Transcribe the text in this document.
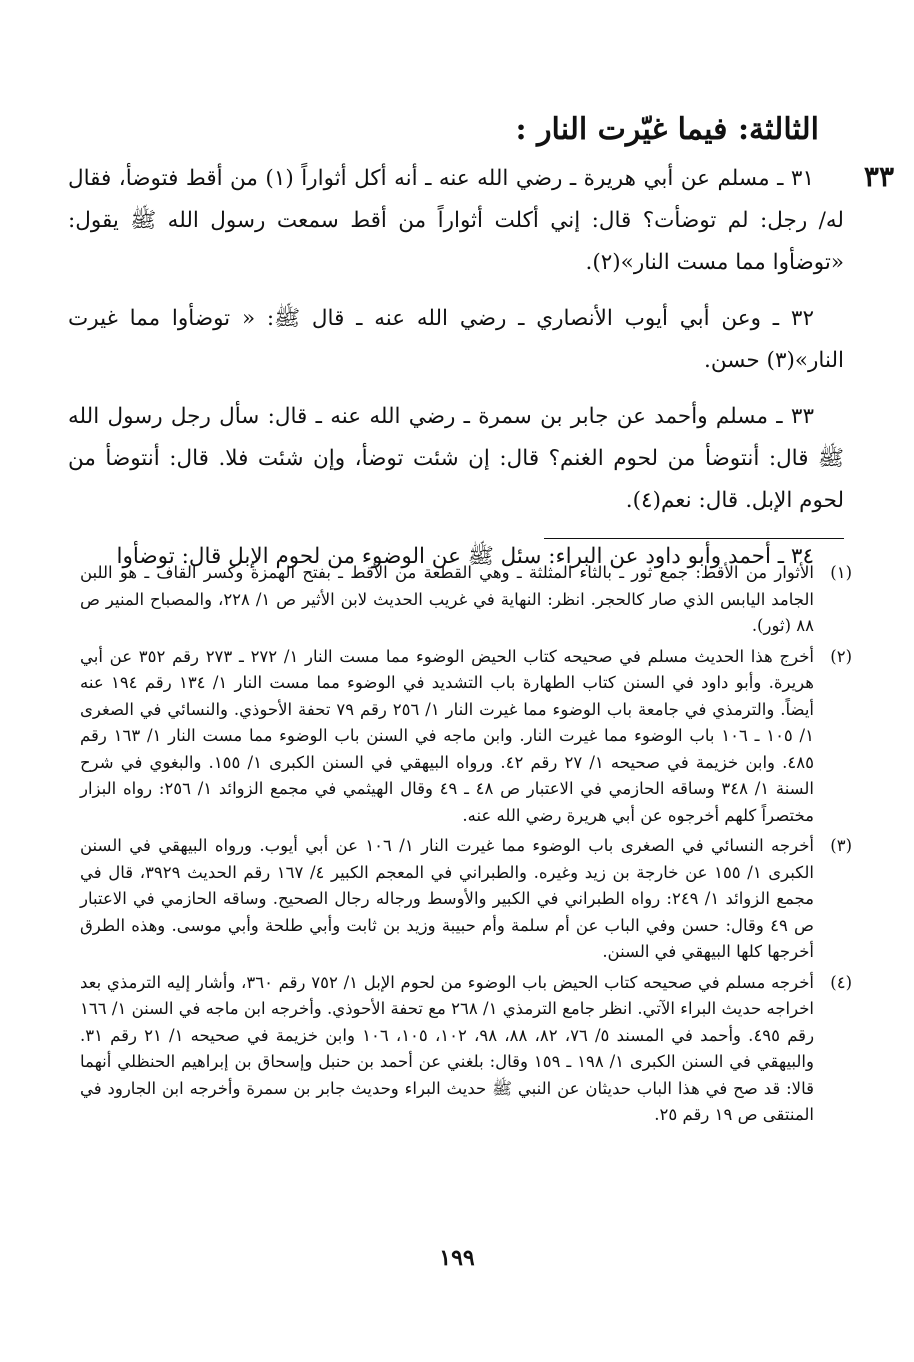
٣٣
الثالثة: فيما غيّرت النار :

٣١ ـ مسلم عن أبي هريرة ـ رضي الله عنه ـ أنه أكل أثواراً (١) من أقط فتوضأ، فقال له/ رجل: لم توضأت؟ قال: إني أكلت أثواراً من أقط سمعت رسول الله ﷺ يقول: «توضأوا مما مست النار»(٢).

٣٢ ـ وعن أبي أيوب الأنصاري ـ رضي الله عنه ـ قال ﷺ: « توضأوا مما غيرت النار»(٣) حسن.

٣٣ ـ مسلم وأحمد عن جابر بن سمرة ـ رضي الله عنه ـ قال: سأل رجل رسول الله ﷺ قال: أنتوضأ من لحوم الغنم؟ قال: إن شئت توضأ، وإن شئت فلا. قال: أنتوضأ من لحوم الإبل. قال: نعم(٤).

٣٤ ـ أحمد وأبو داود عن البراء: سئل ﷺ عن الوضوء من لحوم الإبل قال: توضأوا

(١)
الأثوار من الأقط: جمع ثور ـ بالثاء المثلثة ـ وهي القطعة من الأقط ـ بفتح الهمزة وكسر القاف ـ هو اللبن الجامد اليابس الذي صار كالحجر. انظر: النهاية في غريب الحديث لابن الأثير ص ١/ ٢٢٨، والمصباح المنير ص ٨٨ (ثور).
(٢)
أخرج هذا الحديث مسلم في صحيحه كتاب الحيض الوضوء مما مست النار ١/ ٢٧٢ ـ ٢٧٣ رقم ٣٥٢ عن أبي هريرة. وأبو داود في السنن كتاب الطهارة باب التشديد في الوضوء مما مست النار ١/ ١٣٤ رقم ١٩٤ عنه أيضاً. والترمذي في جامعة باب الوضوء مما غيرت النار ١/ ٢٥٦ رقم ٧٩ تحفة الأحوذي. والنسائي في الصغرى ١/ ١٠٥ ـ ١٠٦ باب الوضوء مما غيرت النار. وابن ماجه في السنن باب الوضوء مما مست النار ١/ ١٦٣ رقم ٤٨٥. وابن خزيمة في صحيحه ١/ ٢٧ رقم ٤٢. ورواه البيهقي في السنن الكبرى ١/ ١٥٥. والبغوي في شرح السنة ١/ ٣٤٨ وساقه الحازمي في الاعتبار ص ٤٨ ـ ٤٩ وقال الهيثمي في مجمع الزوائد ١/ ٢٥٦: رواه البزار مختصراً كلهم أخرجوه عن أبي هريرة رضي الله عنه.
(٣)
أخرجه النسائي في الصغرى باب الوضوء مما غيرت النار ١/ ١٠٦ عن أبي أيوب. ورواه البيهقي في السنن الكبرى ١/ ١٥٥ عن خارجة بن زيد وغيره. والطبراني في المعجم الكبير ٤/ ١٦٧ رقم الحديث ٣٩٢٩، قال في مجمع الزوائد ١/ ٢٤٩: رواه الطبراني في الكبير والأوسط ورجاله رجال الصحيح. وساقه الحازمي في الاعتبار ص ٤٩ وقال: حسن وفي الباب عن أم سلمة وأم حبيبة وزيد بن ثابت وأبي طلحة وأبي موسى. وهذه الطرق أخرجها كلها البيهقي في السنن.
(٤)
أخرجه مسلم في صحيحه كتاب الحيض باب الوضوء من لحوم الإبل ١/ ٧٥٢ رقم ٣٦٠، وأشار إليه الترمذي بعد اخراجه حديث البراء الآتي. انظر جامع الترمذي ١/ ٢٦٨ مع تحفة الأحوذي. وأخرجه ابن ماجه في السنن ١/ ١٦٦ رقم ٤٩٥. وأحمد في المسند ٥/ ٧٦، ٨٢، ٨٨، ٩٨، ١٠٢، ١٠٥، ١٠٦ وابن خزيمة في صحيحه ١/ ٢١ رقم ٣١. والبيهقي في السنن الكبرى ١/ ١٩٨ ـ ١٥٩ وقال: بلغني عن أحمد بن حنبل وإسحاق بن إبراهيم الحنظلي أنهما قالا: قد صح في هذا الباب حديثان عن النبي ﷺ حديث البراء وحديث جابر بن سمرة وأخرجه ابن الجارود في المنتقى ص ١٩ رقم ٢٥.
١٩٩
